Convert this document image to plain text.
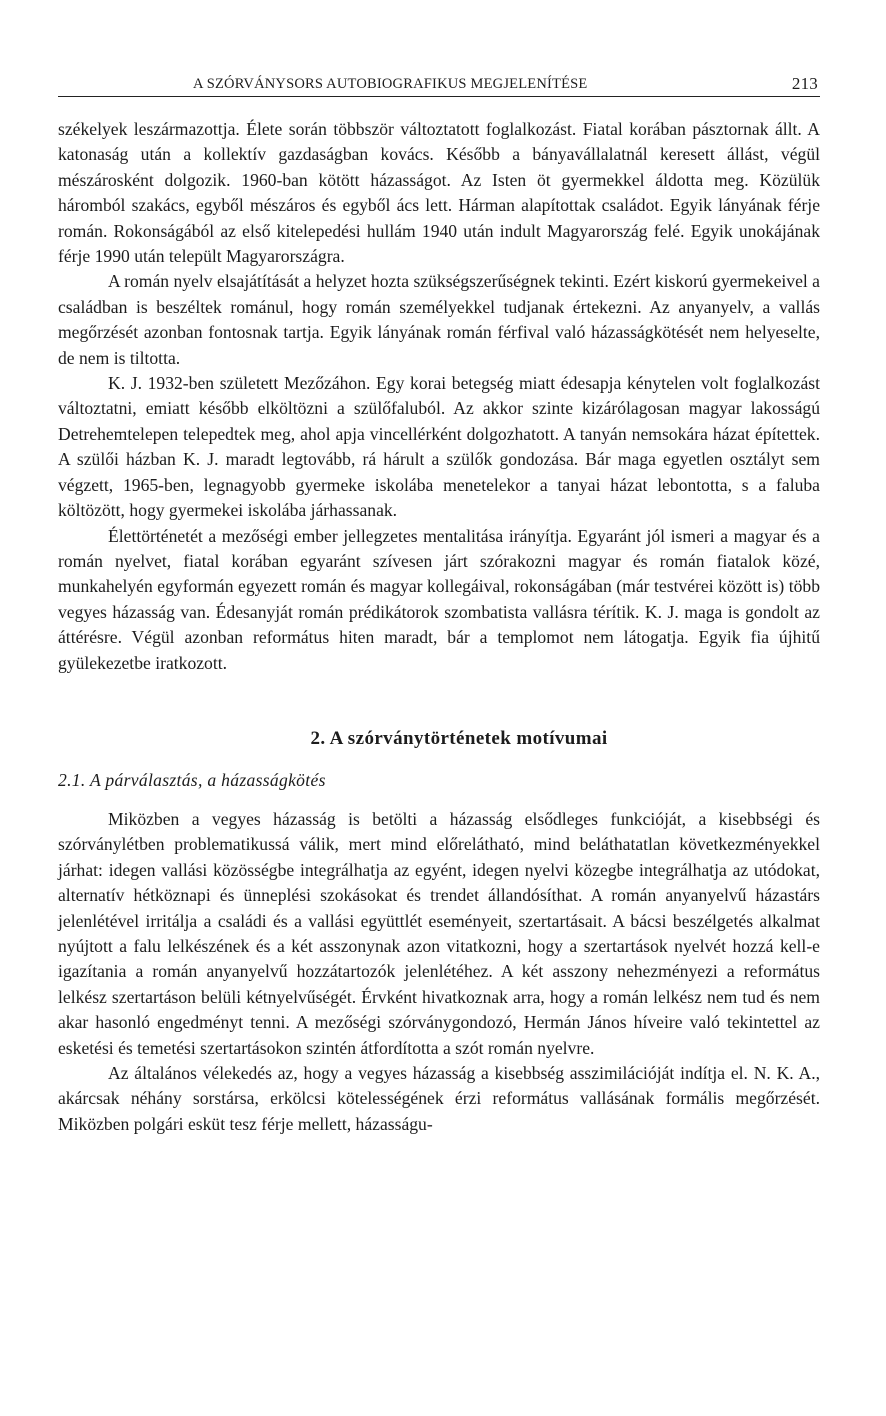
A SZÓRVÁNYSORS AUTOBIOGRAFIKUS MEGJELENÍTÉSE	213

székelyek leszármazottja. Élete során többször változtatott foglalkozást. Fiatal korában pásztornak állt. A katonaság után a kollektív gazdaságban kovács. Később a bányavállalatnál keresett állást, végül mészárosként dolgozik. 1960-ban kötött házasságot. Az Isten öt gyermekkel áldotta meg. Közülük háromból szakács, egyből mészáros és egyből ács lett. Hárman alapítottak családot. Egyik lányának férje román. Rokonságából az első kitelepedési hullám 1940 után indult Magyarország felé. Egyik unokájának férje 1990 után települt Magyarországra.

A román nyelv elsajátítását a helyzet hozta szükségszerűségnek tekinti. Ezért kiskorú gyermekeivel a családban is beszéltek románul, hogy román személyekkel tudjanak értekezni. Az anyanyelv, a vallás megőrzését azonban fontosnak tartja. Egyik lányának román férfival való házasságkötését nem helyeselte, de nem is tiltotta.

K. J. 1932-ben született Mezőzáhon. Egy korai betegség miatt édesapja kénytelen volt foglalkozást változtatni, emiatt később elköltözni a szülőfaluból. Az akkor szinte kizárólagosan magyar lakosságú Detrehemtelepen telepedtek meg, ahol apja vincellérként dolgozhatott. A tanyán nemsokára házat építettek. A szülői házban K. J. maradt legtovább, rá hárult a szülők gondozása. Bár maga egyetlen osztályt sem végzett, 1965-ben, legnagyobb gyermeke iskolába menetelekor a tanyai házat lebontotta, s a faluba költözött, hogy gyermekei iskolába járhassanak.

Élettörténetét a mezőségi ember jellegzetes mentalitása irányítja. Egyaránt jól ismeri a magyar és a román nyelvet, fiatal korában egyaránt szívesen járt szórakozni magyar és román fiatalok közé, munkahelyén egyformán egyezett román és magyar kollegáival, rokonságában (már testvérei között is) több vegyes házasság van. Édesanyját román prédikátorok szombatista vallásra térítik. K. J. maga is gondolt az áttérésre. Végül azonban református hiten maradt, bár a templomot nem látogatja. Egyik fia újhitű gyülekezetbe iratkozott.

2. A szórványtörténetek motívumai
2.1. A párválasztás, a házasságkötés

Miközben a vegyes házasság is betölti a házasság elsődleges funkcióját, a kisebbségi és szórványlétben problematikussá válik, mert mind előrelátható, mind beláthatatlan következményekkel járhat: idegen vallási közösségbe integrálhatja az egyént, idegen nyelvi közegbe integrálhatja az utódokat, alternatív hétköznapi és ünneplési szokásokat és trendet állandósíthat. A román anyanyelvű házastárs jelenlétével irritálja a családi és a vallási együttlét eseményeit, szertartásait. A bácsi beszélgetés alkalmat nyújtott a falu lelkészének és a két asszonynak azon vitatkozni, hogy a szertartások nyelvét hozzá kell-e igazítania a román anyanyelvű hozzátartozók jelenlétéhez. A két asszony nehezményezi a református lelkész szertartáson belüli kétnyelvűségét. Érvként hivatkoznak arra, hogy a román lelkész nem tud és nem akar hasonló engedményt tenni. A mezőségi szórványgondozó, Hermán János híveire való tekintettel az esketési és temetési szertartásokon szintén átfordította a szót román nyelvre.

Az általános vélekedés az, hogy a vegyes házasság a kisebbség asszimilációját indítja el. N. K. A., akárcsak néhány sorstársa, erkölcsi kötelességének érzi református vallásának formális megőrzését. Miközben polgári esküt tesz férje mellett, házasságu-
